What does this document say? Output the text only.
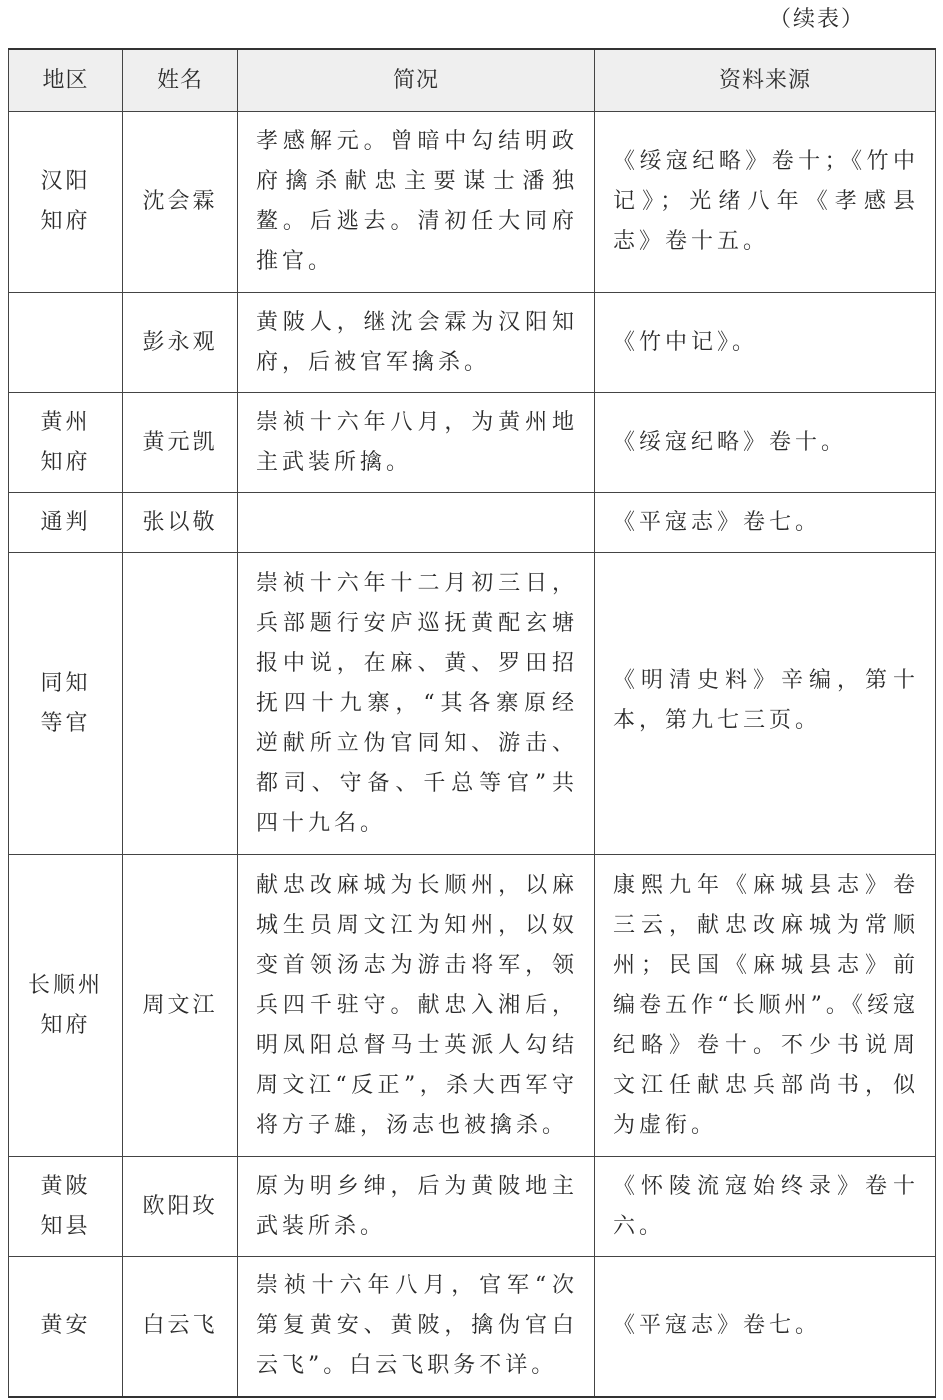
（续表）
地区	姓名	简况	资料来源
汉阳知府	沈会霖	孝感解元。曾暗中勾结明政府擒杀献忠主要谋士潘独鳌。后逃去。清初任大同府推官。	《绥寇纪略》卷十；《竹中记》；光绪八年《孝感县志》卷十五。
	彭永观	黄陂人，继沈会霖为汉阳知府，后被官军擒杀。	《竹中记》。
黄州知府	黄元凯	崇祯十六年八月，为黄州地主武装所擒。	《绥寇纪略》卷十。
通判	张以敬		《平寇志》卷七。
同知等官		崇祯十六年十二月初三日，兵部题行安庐巡抚黄配玄塘报中说，在麻、黄、罗田招抚四十九寨，“其各寨原经逆献所立伪官同知、游击、都司、守备、千总等官”共四十九名。	《明清史料》辛编，第十本，第九七三页。
长顺州知府	周文江	献忠改麻城为长顺州，以麻城生员周文江为知州，以奴变首领汤志为游击将军，领兵四千驻守。献忠入湘后，明凤阳总督马士英派人勾结周文江“反正”，杀大西军守将方子雄，汤志也被擒杀。	康熙九年《麻城县志》卷三云，献忠改麻城为常顺州；民国《麻城县志》前编卷五作“长顺州”。《绥寇纪略》卷十。不少书说周文江任献忠兵部尚书，似为虚衔。
黄陂知县	欧阳玫	原为明乡绅，后为黄陂地主武装所杀。	《怀陵流寇始终录》卷十六。
黄安	白云飞	崇祯十六年八月，官军“次第复黄安、黄陂，擒伪官白云飞”。白云飞职务不详。	《平寇志》卷七。
